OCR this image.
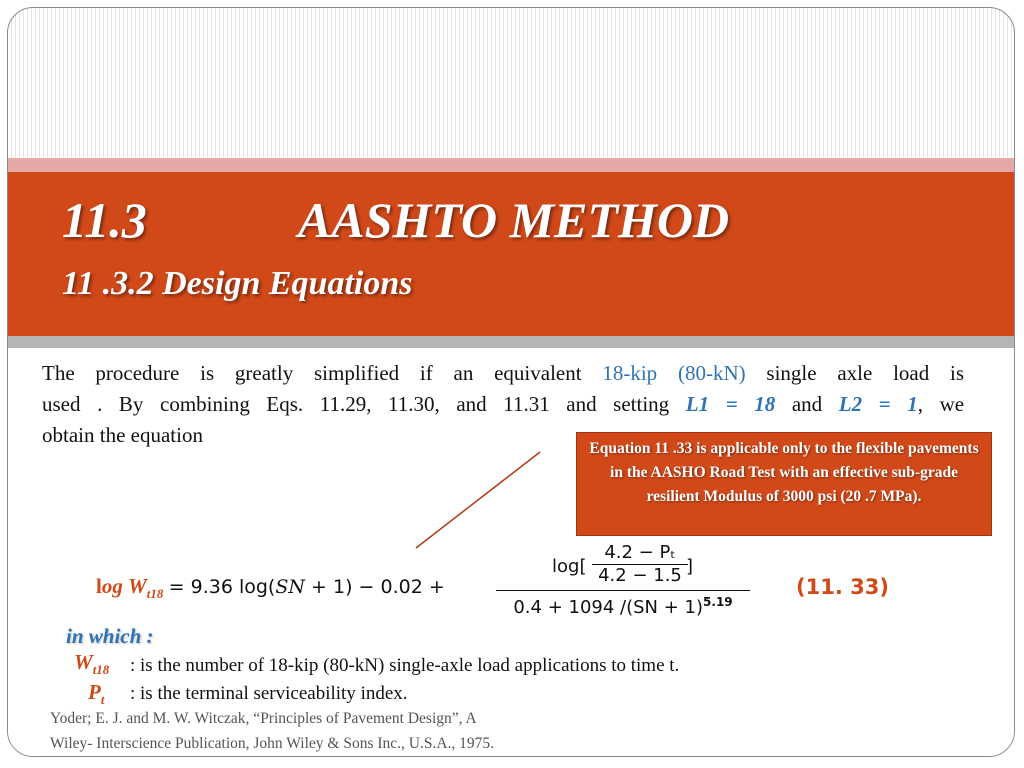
11.3	AASHTO METHOD
11 .3.2 Design Equations
The procedure is greatly simplified if an equivalent 18-kip (80-kN) single axle load is
used . By combining Eqs. 11.29, 11.30, and 11.31 and setting L1 = 18 and L2 = 1, we
obtain the equation
Equation 11 .33 is applicable only to the flexible pavements in the AASHO Road Test with an effective sub-grade resilient Modulus of 3000 psi (20 .7 MPa).
$\log W_{t18} = 9.36$ log(SN + 1) − 0.02 +
log[
4.2 − Pₜ
4.2 − 1.5 ]
0.4 + 1094 /(SN + 1)$^{5.19}$
(11. 33)
in which :
$W_{t18}$ : is the number of 18-kip (80-kN) single-axle load applications to time t.
$P_t$ : is the terminal serviceability index.
Yoder; E. J. and M. W. Witczak, “Principles of Pavement Design”, A
Wiley- Interscience Publication, John Wiley & Sons Inc., U.S.A., 1975.
